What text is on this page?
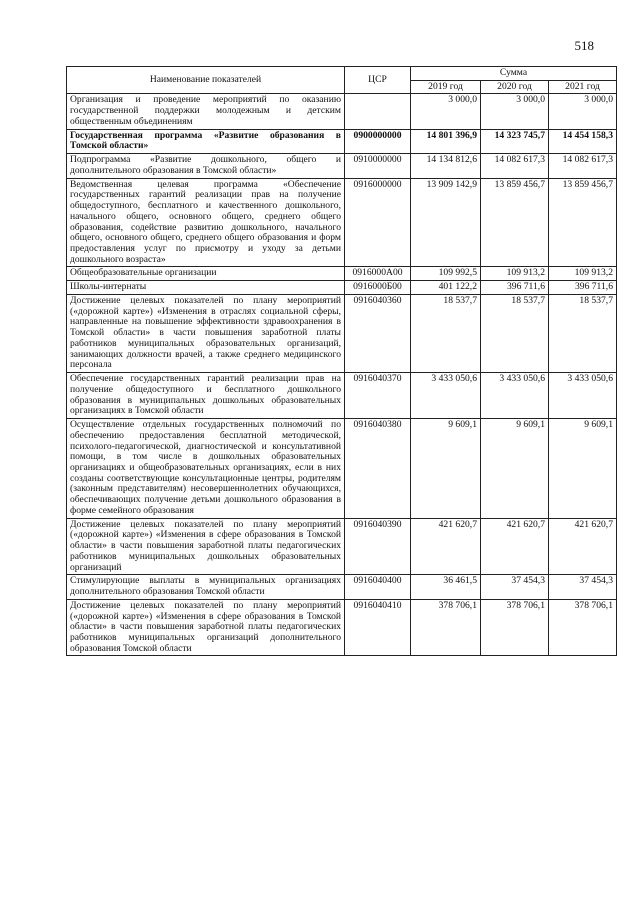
518
Наименование показателей	ЦСР	Сумма		
		2019 год	2020 год	2021 год
Организация и проведение мероприятий по оказанию государственной поддержки молодежным и детским общественным объединениям		3 000,0	3 000,0	3 000,0
Государственная программа «Развитие образования в Томской области»	0900000000	14 801 396,9	14 323 745,7	14 454 158,3
Подпрограмма «Развитие дошкольного, общего и дополнительного образования в Томской области»	0910000000	14 134 812,6	14 082 617,3	14 082 617,3
Ведомственная целевая программа «Обеспечение государственных гарантий реализации прав на получение общедоступного, бесплатного и качественного дошкольного, начального общего, основного общего, среднего общего образования, содействие развитию дошкольного, начального общего, основного общего, среднего общего образования и форм предоставления услуг по присмотру и уходу за детьми дошкольного возраста»	0916000000	13 909 142,9	13 859 456,7	13 859 456,7
Общеобразовательные организации	0916000А00	109 992,5	109 913,2	109 913,2
Школы-интернаты	0916000Б00	401 122,2	396 711,6	396 711,6
Достижение целевых показателей по плану мероприятий («дорожной карте») «Изменения в отраслях социальной сферы, направленные на повышение эффективности здравоохранения в Томской области» в части повышения заработной платы работников муниципальных образовательных организаций, занимающих должности врачей, а также среднего медицинского персонала	0916040360	18 537,7	18 537,7	18 537,7
Обеспечение государственных гарантий реализации прав на получение общедоступного и бесплатного дошкольного образования в муниципальных дошкольных образовательных организациях в Томской области	0916040370	3 433 050,6	3 433 050,6	3 433 050,6
Осуществление отдельных государственных полномочий по обеспечению предоставления бесплатной методической, психолого-педагогической, диагностической и консультативной помощи, в том числе в дошкольных образовательных организациях и общеобразовательных организациях, если в них созданы соответствующие консультационные центры, родителям (законным представителям) несовершеннолетних обучающихся, обеспечивающих получение детьми дошкольного образования в форме семейного образования	0916040380	9 609,1	9 609,1	9 609,1
Достижение целевых показателей по плану мероприятий («дорожной карте») «Изменения в сфере образования в Томской области» в части повышения заработной платы педагогических работников муниципальных дошкольных образовательных организаций	0916040390	421 620,7	421 620,7	421 620,7
Стимулирующие выплаты в муниципальных организациях дополнительного образования Томской области	0916040400	36 461,5	37 454,3	37 454,3
Достижение целевых показателей по плану мероприятий («дорожной карте») «Изменения в сфере образования в Томской области» в части повышения заработной платы педагогических работников муниципальных организаций дополнительного образования Томской области	0916040410	378 706,1	378 706,1	378 706,1
